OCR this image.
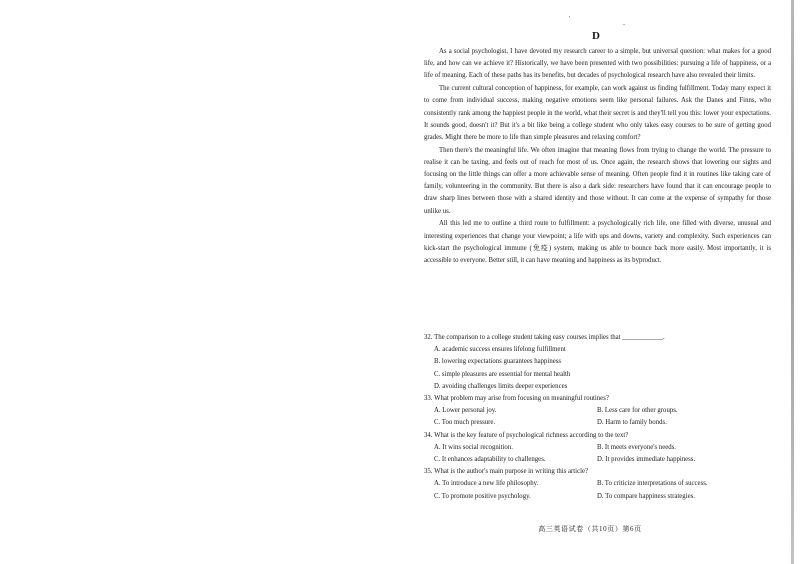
'
-
D

As a social psychologist, I have devoted my research career to a simple, but universal question: what makes for a good life, and how can we achieve it? Historically, we have been presented with two possibilities: pursuing a life of happiness, or a life of meaning. Each of these paths has its benefits, but decades of psychological research have also revealed their limits.

The current cultural conception of happiness, for example, can work against us finding fulfillment. Today many expect it to come from individual success, making negative emotions seem like personal failures. Ask the Danes and Finns, who consistently rank among the happiest people in the world, what their secret is and they'll tell you this: lower your expectations. It sounds good, doesn't it? But it's a bit like being a college student who only takes easy courses to be sure of getting good grades. Might there be more to life than simple pleasures and relaxing comfort?

Then there's the meaningful life. We often imagine that meaning flows from trying to change the world. The pressure to realise it can be taxing, and feels out of reach for most of us. Once again, the research shows that lowering our sights and focusing on the little things can offer a more achievable sense of meaning. Often people find it in routines like taking care of family, volunteering in the community. But there is also a dark side: researchers have found that it can encourage people to draw sharp lines between those with a shared identity and those without. It can come at the expense of sympathy for those unlike us.

All this led me to outline a third route to fulfillment: a psychologically rich life, one filled with diverse, unusual and interesting experiences that change your viewpoint; a life with ups and downs, variety and complexity. Such experiences can kick-start the psychological immune (免疫) system, making us able to bounce back more easily. Most importantly, it is accessible to everyone. Better still, it can have meaning and happiness as its byproduct.

32. The comparison to a college student taking easy courses implies that ____________.
A. academic success ensures lifelong fulfillment
B. lowering expectations guarantees happiness
C. simple pleasures are essential for mental health
D. avoiding challenges limits deeper experiences
33. What problem may arise from focusing on meaningful routines?
A. Lower personal joy.	B. Less care for other groups.
C. Too much pressure.	D. Harm to family bonds.
34. What is the key feature of psychological richness according to the text?
A. It wins social recognition.	B. It meets everyone's needs.
C. It enhances adaptability to challenges.	D. It provides immediate happiness.
35. What is the author's main purpose in writing this article?
A. To introduce a new life philosophy.	B. To criticize interpretations of success.
C. To promote positive psychology.	D. To compare happiness strategies.
高三英语试卷（共10页）第6页
